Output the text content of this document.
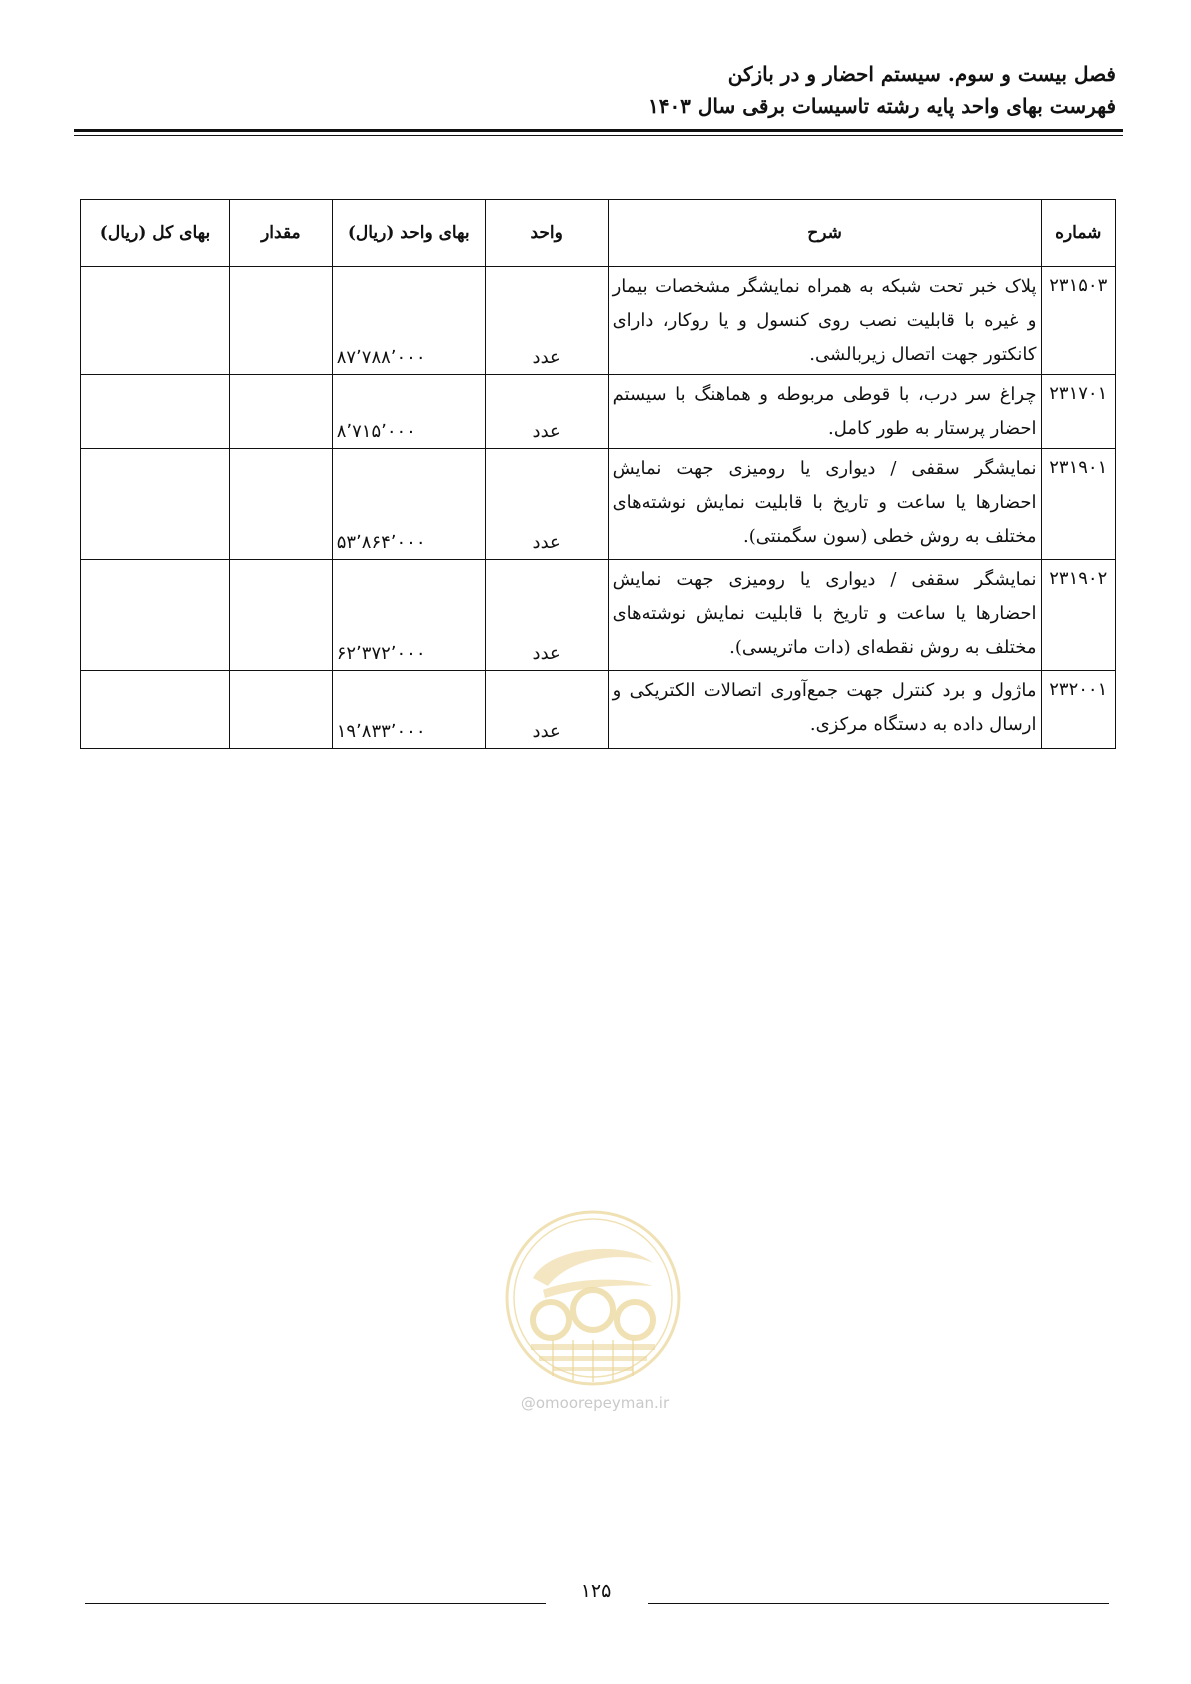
فصل بیست و سوم. سیستم احضار و در بازکن
فهرست بهای واحد پایه رشته تاسیسات برقی سال ۱۴۰۳
شماره	شرح	واحد	بهای واحد (ریال)	مقدار	بهای کل (ریال)
۲۳۱۵۰۳	پلاک خبر تحت شبکه به همراه نمایشگر مشخصات بیمار و غیره با قابلیت نصب روی کنسول و یا روکار، دارای کانکتور جهت اتصال زیربالشی.	عدد	۸۷٬۷۸۸٬۰۰۰		
۲۳۱۷۰۱	چراغ سر درب، با قوطی مربوطه و هماهنگ با سیستم احضار پرستار به طور کامل.	عدد	۸٬۷۱۵٬۰۰۰		
۲۳۱۹۰۱	نمایشگر سقفی / دیواری یا رومیزی جهت نمایش احضارها یا ساعت و تاریخ با قابلیت نمایش نوشته‌های مختلف به روش خطی (سون سگمنتی).	عدد	۵۳٬۸۶۴٬۰۰۰		
۲۳۱۹۰۲	نمایشگر سقفی / دیواری یا رومیزی جهت نمایش احضارها یا ساعت و تاریخ با قابلیت نمایش نوشته‌های مختلف به روش نقطه‌ای (دات ماتریسی).	عدد	۶۲٬۳۷۲٬۰۰۰		
۲۳۲۰۰۱	ماژول و برد کنترل جهت جمع‌آوری اتصالات الکتریکی و ارسال داده به دستگاه مرکزی.	عدد	۱۹٬۸۳۳٬۰۰۰		
@omoorepeyman.ir
۱۲۵
